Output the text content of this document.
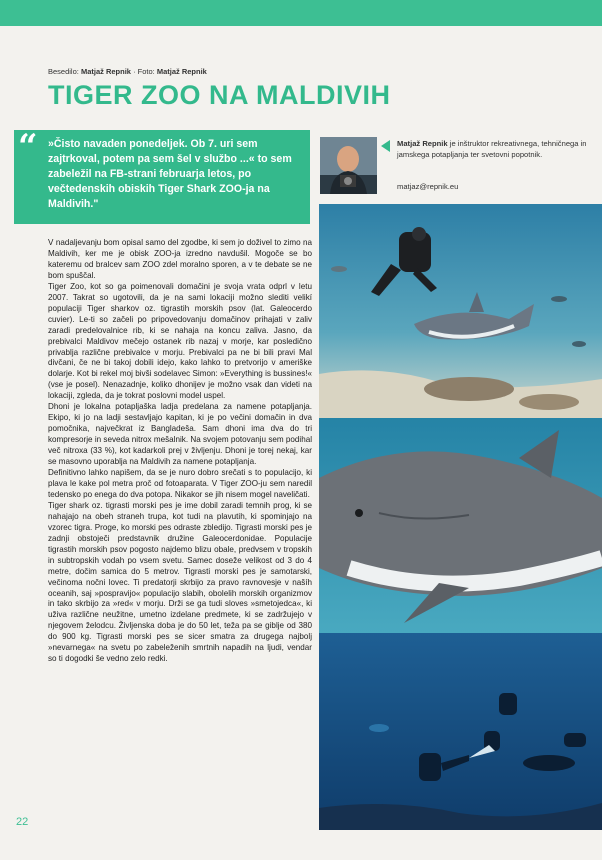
Besedilo: Matjaž Repnik · Foto: Matjaž Repnik
TIGER ZOO NA MALDIVIH
“ »Čisto navaden ponedeljek. Ob 7. uri sem zajtrkoval, potem pa sem šel v službo ...« to sem zabeležil na FB-strani februarja letos, po večtedenskih obiskih Tiger Shark ZOO-ja na Maldivih."
Matjaž Repnik je inštruktor rekreativnega, tehničnega in jamskega potapljanja ter svetovni popotnik.
matjaz@repnik.eu

V nadaljevanju bom opisal samo del zgodbe, ki sem jo doživel to zimo na Maldivih, ker me je obisk ZOO-ja izredno navdušil. Mogoče se bo kateremu od bralcev sam ZOO zdel moralno sporen, a v te debate se ne bom spuščal.

Tiger Zoo, kot so ga poimenovali domačini je svoja vrata odprl v letu 2007. Takrat so ugotovili, da je na sami lokaciji možno slediti velikí populaciji Tiger sharkov oz. tigrastih morskih psov (lat. Galeocerdo cuvier). Le-ti so začeli po pripovedovanju domačinov prihajati v zaliv zaradi predelovalnice rib, ki se nahaja na koncu zaliva. Jasno, da prebivalci Maldivov mečejo ostanek rib nazaj v morje, kar posledično privablja različne prebivalce v morju. Prebivalci pa ne bi bili pravi Mal divčani, če ne bi takoj dobili idejo, kako lahko to pretvorijo v ameriške dolarje. Kot bi rekel moj bivši sodelavec Simon: »Everything is bussines!« (vse je posel). Nenazadnje, koliko dhonijev je možno vsak dan videti na lokaciji, zgleda, da je tokrat poslovni model uspel.

Dhoni je lokalna potapljaška ladja predelana za namene potapljanja. Ekipo, ki jo na ladji sestavljajo kapitan, ki je po večini domačin in dva pomočnika, največkrat iz Bangladeša. Sam dhoni ima dva do tri kompresorje in seveda nitrox mešalnik. Na svojem potovanju sem podihal več nitroxa (33 %), kot kadarkoli prej v življenju. Dhoni je torej nekaj, kar se masovno uporablja na Maldivih za namene potapljanja.

Definitivno lahko napišem, da se je nuro dobro srečati s to populacijo, ki plava le kake pol metra proč od fotoaparata. V Tiger ZOO-ju sem naredil tedensko po enega do dva potopa. Nikakor se jih nisem mogel naveličati.

Tiger shark oz. tigrasti morski pes je ime dobil zaradi temnih prog, ki se nahajajo na obeh straneh trupa, kot tudi na plavutih, ki spominjajo na vzorec tigra. Proge, ko morski pes odraste zbledijo. Tigrasti morski pes je zadnji obstoječi predstavnik družine Galeocerdonidae. Populacije tigrastih morskih psov pogosto najdemo blizu obale, predvsem v tropskih in subtropskih vodah po vsem svetu. Samec doseže velikost od 3 do 4 metre, dočim samica do 5 metrov. Tigrasti morski pes je samotarski, večinoma nočni lovec. Ti predatorji skrbijo za pravo ravnovesje v našíh oceanih, saj »pospravijo« populacijo slabih, obolelih morskih organizmov in tako skrbijo za »red« v morju. Drži se ga tudi sloves »smetojedca«, ki uživa različne neužitne, umetno izdelane predmete, ki se zadržujejo v njegovem želodcu. Življenska doba je do 50 let, teža pa se giblje od 380 do 900 kg. Tigrasti morski pes se sicer smatra za drugega najbolj »nevarnega« na svetu po zabeleženih smrtnih napadih na ljudi, vendar so ti dogodki še vedno zelo redki.

22
